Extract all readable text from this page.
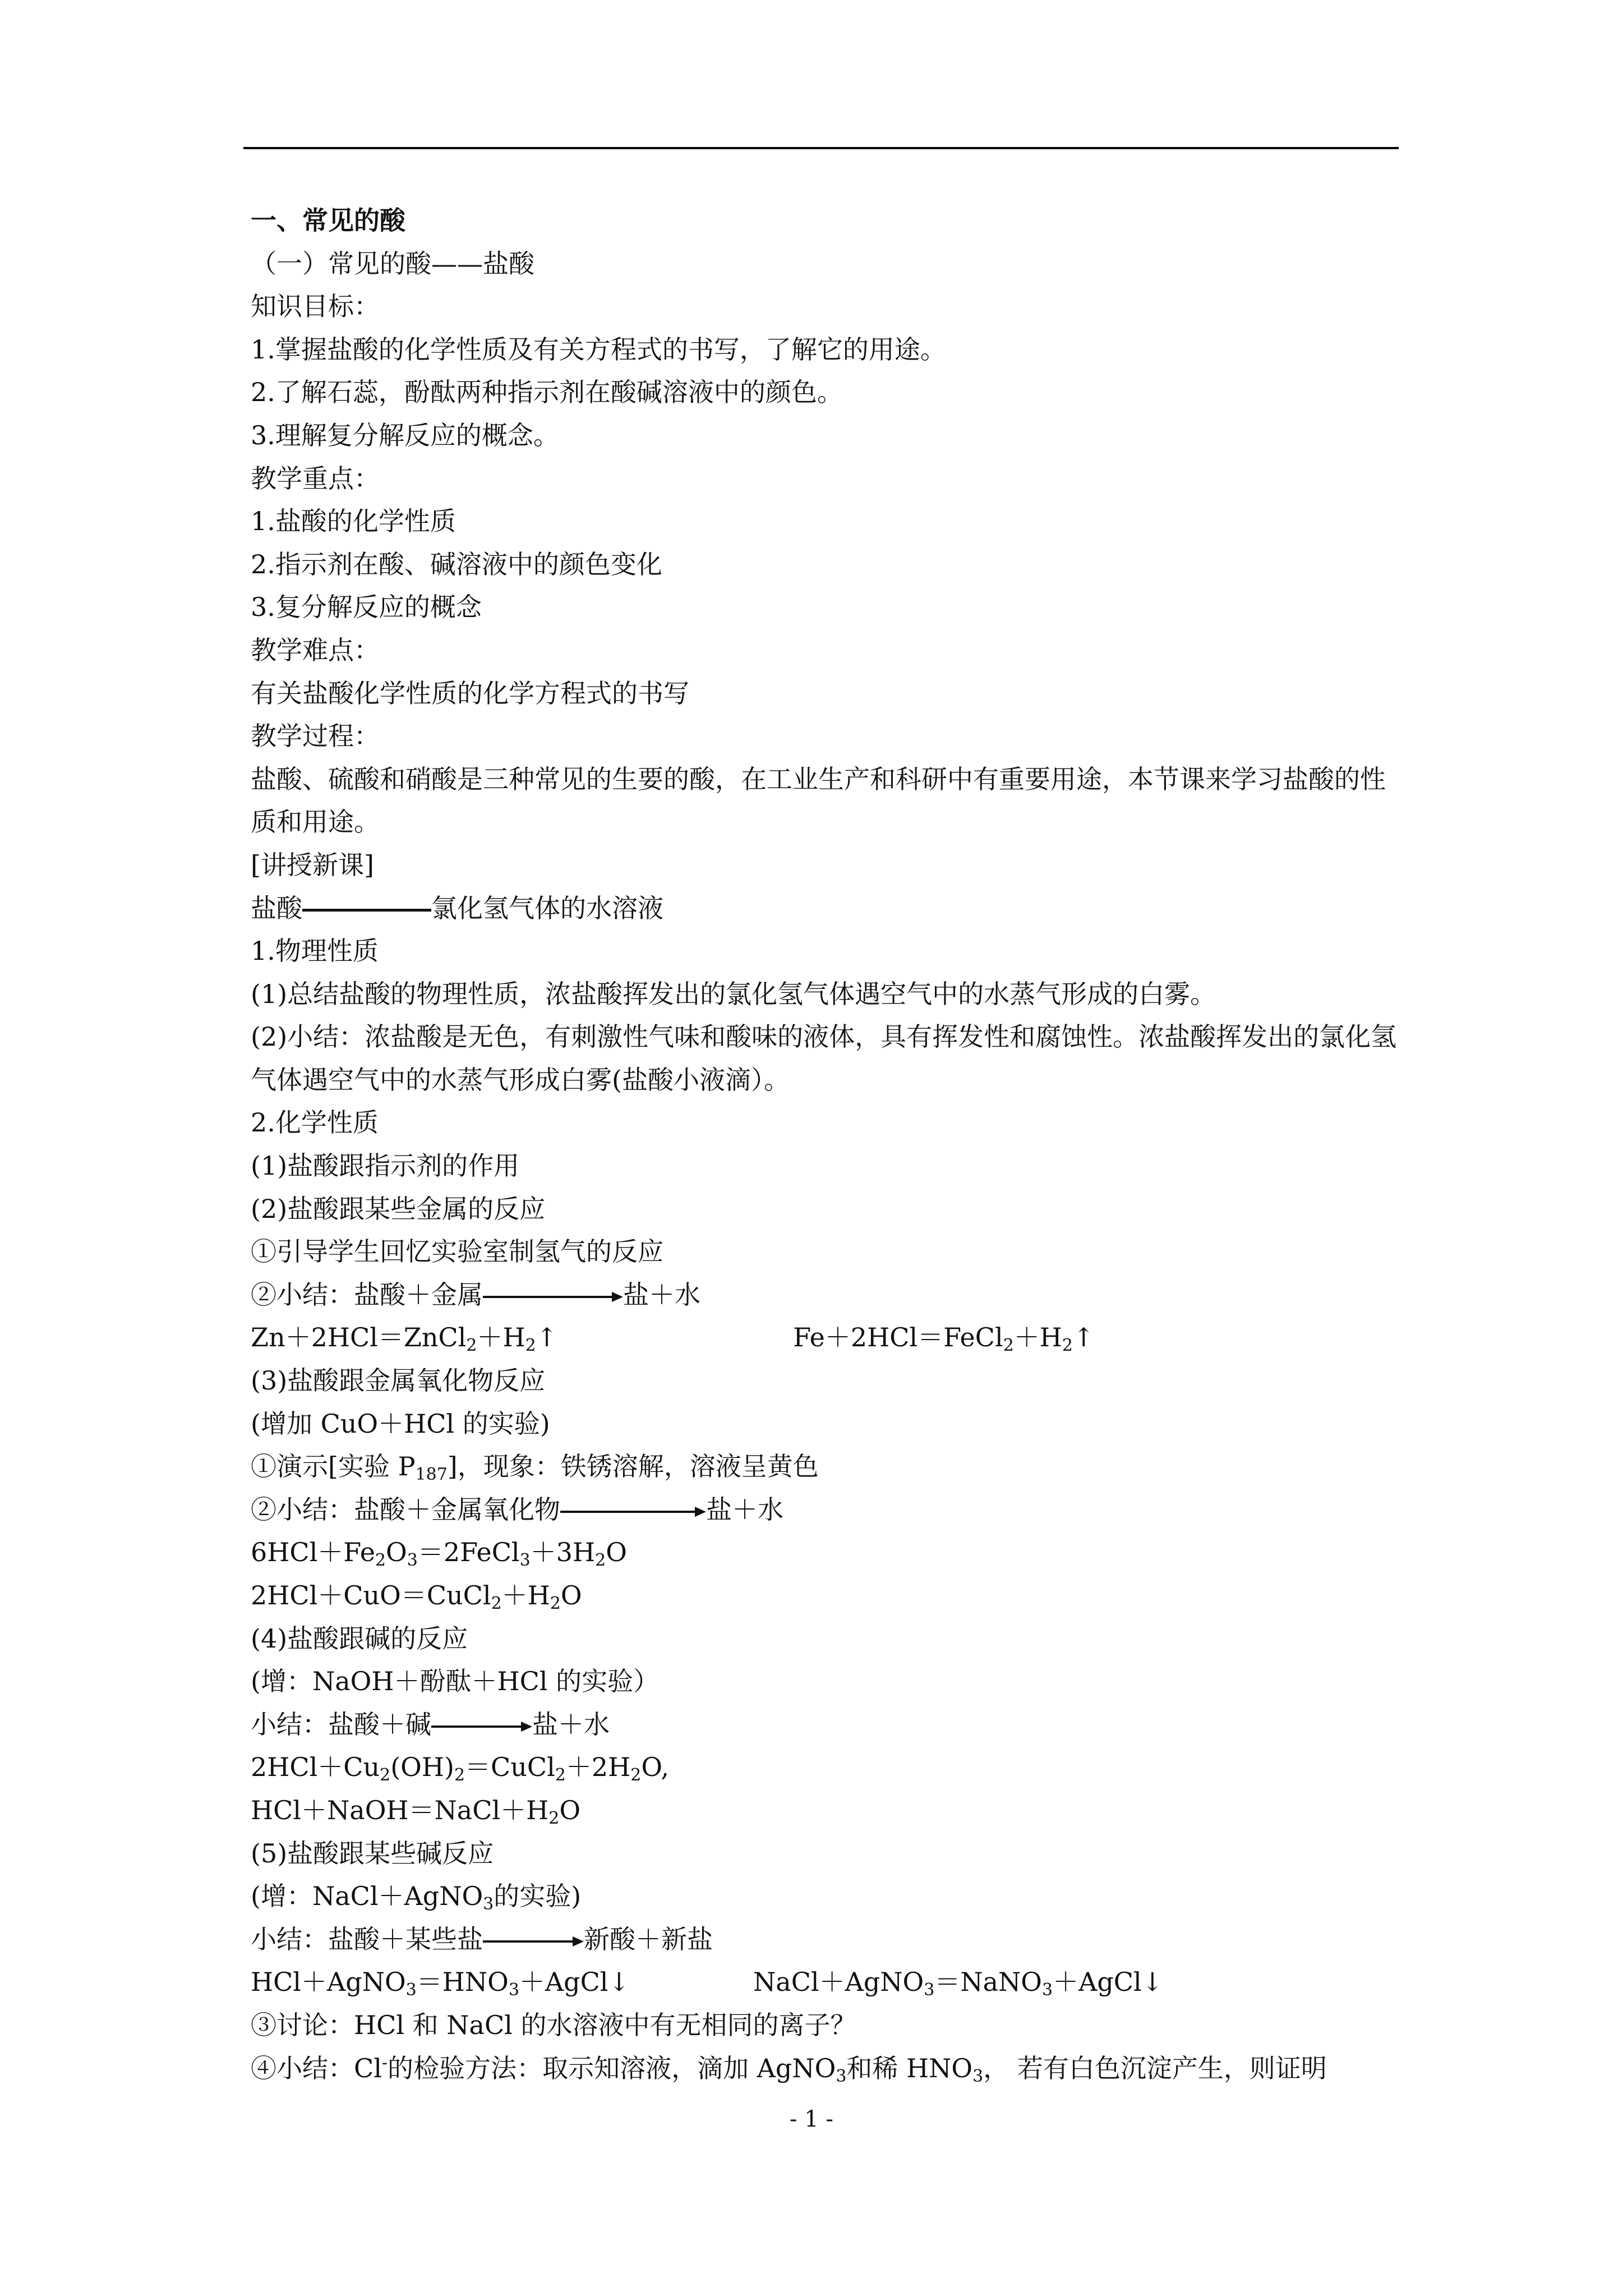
一、常见的酸
（一）常见的酸——盐酸
知识目标：
1.掌握盐酸的化学性质及有关方程式的书写，了解它的用途。
2.了解石蕊，酚酞两种指示剂在酸碱溶液中的颜色。
3.理解复分解反应的概念。
教学重点：
1.盐酸的化学性质
2.指示剂在酸、碱溶液中的颜色变化
3.复分解反应的概念
教学难点：
有关盐酸化学性质的化学方程式的书写
教学过程：
盐酸、硫酸和硝酸是三种常见的生要的酸，在工业生产和科研中有重要用途，本节课来学习盐酸的性质和用途。
[讲授新课]
盐酸	氯化氢气体的水溶液
1.物理性质
(1)总结盐酸的物理性质，浓盐酸挥发出的氯化氢气体遇空气中的水蒸气形成的白雾。
(2)小结：浓盐酸是无色，有刺激性气味和酸味的液体，具有挥发性和腐蚀性。浓盐酸挥发出的氯化氢气体遇空气中的水蒸气形成白雾(盐酸小液滴）。
2.化学性质
(1)盐酸跟指示剂的作用
(2)盐酸跟某些金属的反应
①引导学生回忆实验室制氢气的反应
②小结：盐酸＋金属	盐＋水
$Zn+2HCl=ZnCl_2+H_2↑$	$Fe+2HCl=FeCl_2+H_2↑$
(3)盐酸跟金属氧化物反应
(增加 CuO＋HCl 的实验)
①演示[实验 $P_{187}$]，现象：铁锈溶解，溶液呈黄色
②小结：盐酸＋金属氧化物	盐＋水
$6HCl+Fe_2O_3=2FeCl_3+3H_2O$
$2HCl+CuO=CuCl_2+H_2O$
(4)盐酸跟碱的反应
(增：NaOH＋酚酞＋HCl 的实验）
小结：盐酸＋碱	盐＋水
$2HCl+Cu_2(OH)_2=CuCl_2+2H_2O$,
$HCl+NaOH=NaCl+H_2O$
(5)盐酸跟某些碱反应
(增：NaCl＋AgNO$_3$的实验)
小结：盐酸＋某些盐	新酸＋新盐
$HCl+AgNO_3=HNO_3+AgCl↓$	NaCl＋AgNO$_3$＝NaNO$_3$＋AgCl↓
③讨论：HCl 和 NaCl 的水溶液中有无相同的离子？
④小结：Cl-的检验方法：取示知溶液，滴加 AgNO$_3$和稀 $HNO_3$， 若有白色沉淀产生，则证明
- 1 -
